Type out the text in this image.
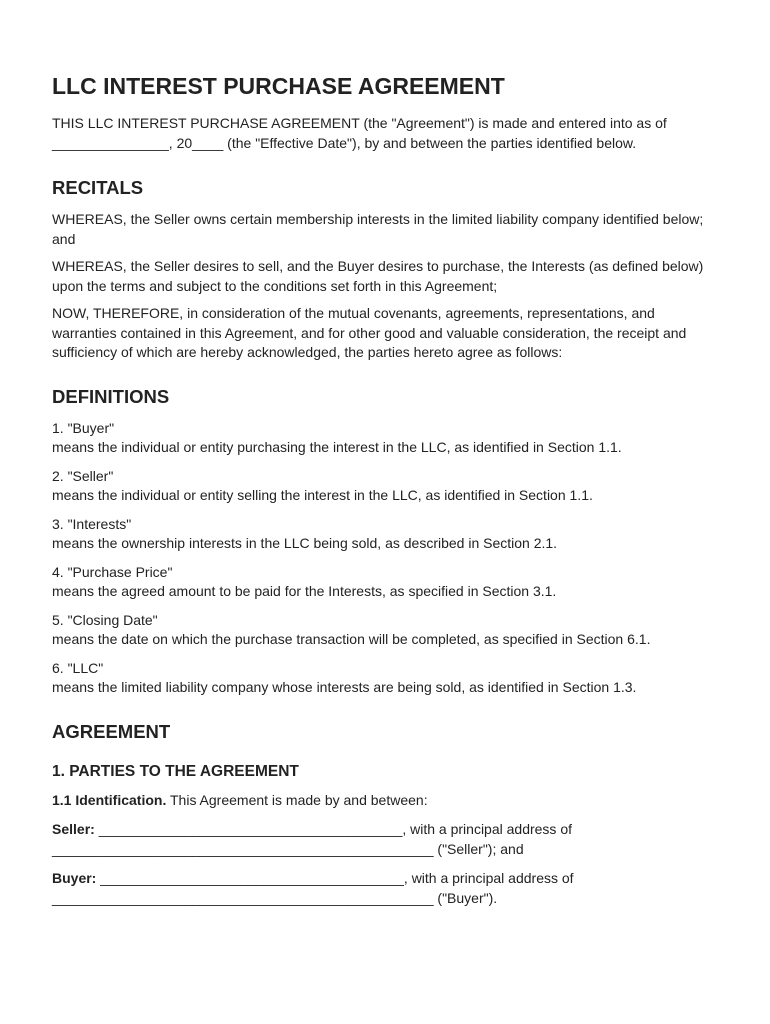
LLC INTEREST PURCHASE AGREEMENT

THIS LLC INTEREST PURCHASE AGREEMENT (the "Agreement") is made and entered into as of _______________, 20____ (the "Effective Date"), by and between the parties identified below.

RECITALS

WHEREAS, the Seller owns certain membership interests in the limited liability company identified below; and

WHEREAS, the Seller desires to sell, and the Buyer desires to purchase, the Interests (as defined below) upon the terms and subject to the conditions set forth in this Agreement;

NOW, THEREFORE, in consideration of the mutual covenants, agreements, representations, and warranties contained in this Agreement, and for other good and valuable consideration, the receipt and sufficiency of which are hereby acknowledged, the parties hereto agree as follows:

DEFINITIONS

1. "Buyer"
means the individual or entity purchasing the interest in the LLC, as identified in Section 1.1.

2. "Seller"
means the individual or entity selling the interest in the LLC, as identified in Section 1.1.

3. "Interests"
means the ownership interests in the LLC being sold, as described in Section 2.1.

4. "Purchase Price"
means the agreed amount to be paid for the Interests, as specified in Section 3.1.

5. "Closing Date"
means the date on which the purchase transaction will be completed, as specified in Section 6.1.

6. "LLC"
means the limited liability company whose interests are being sold, as identified in Section 1.3.

AGREEMENT
1. PARTIES TO THE AGREEMENT

1.1 Identification. This Agreement is made by and between:

Seller: _______________________________________, with a principal address of _________________________________________________ ("Seller"); and

Buyer: _______________________________________, with a principal address of _________________________________________________ ("Buyer").
